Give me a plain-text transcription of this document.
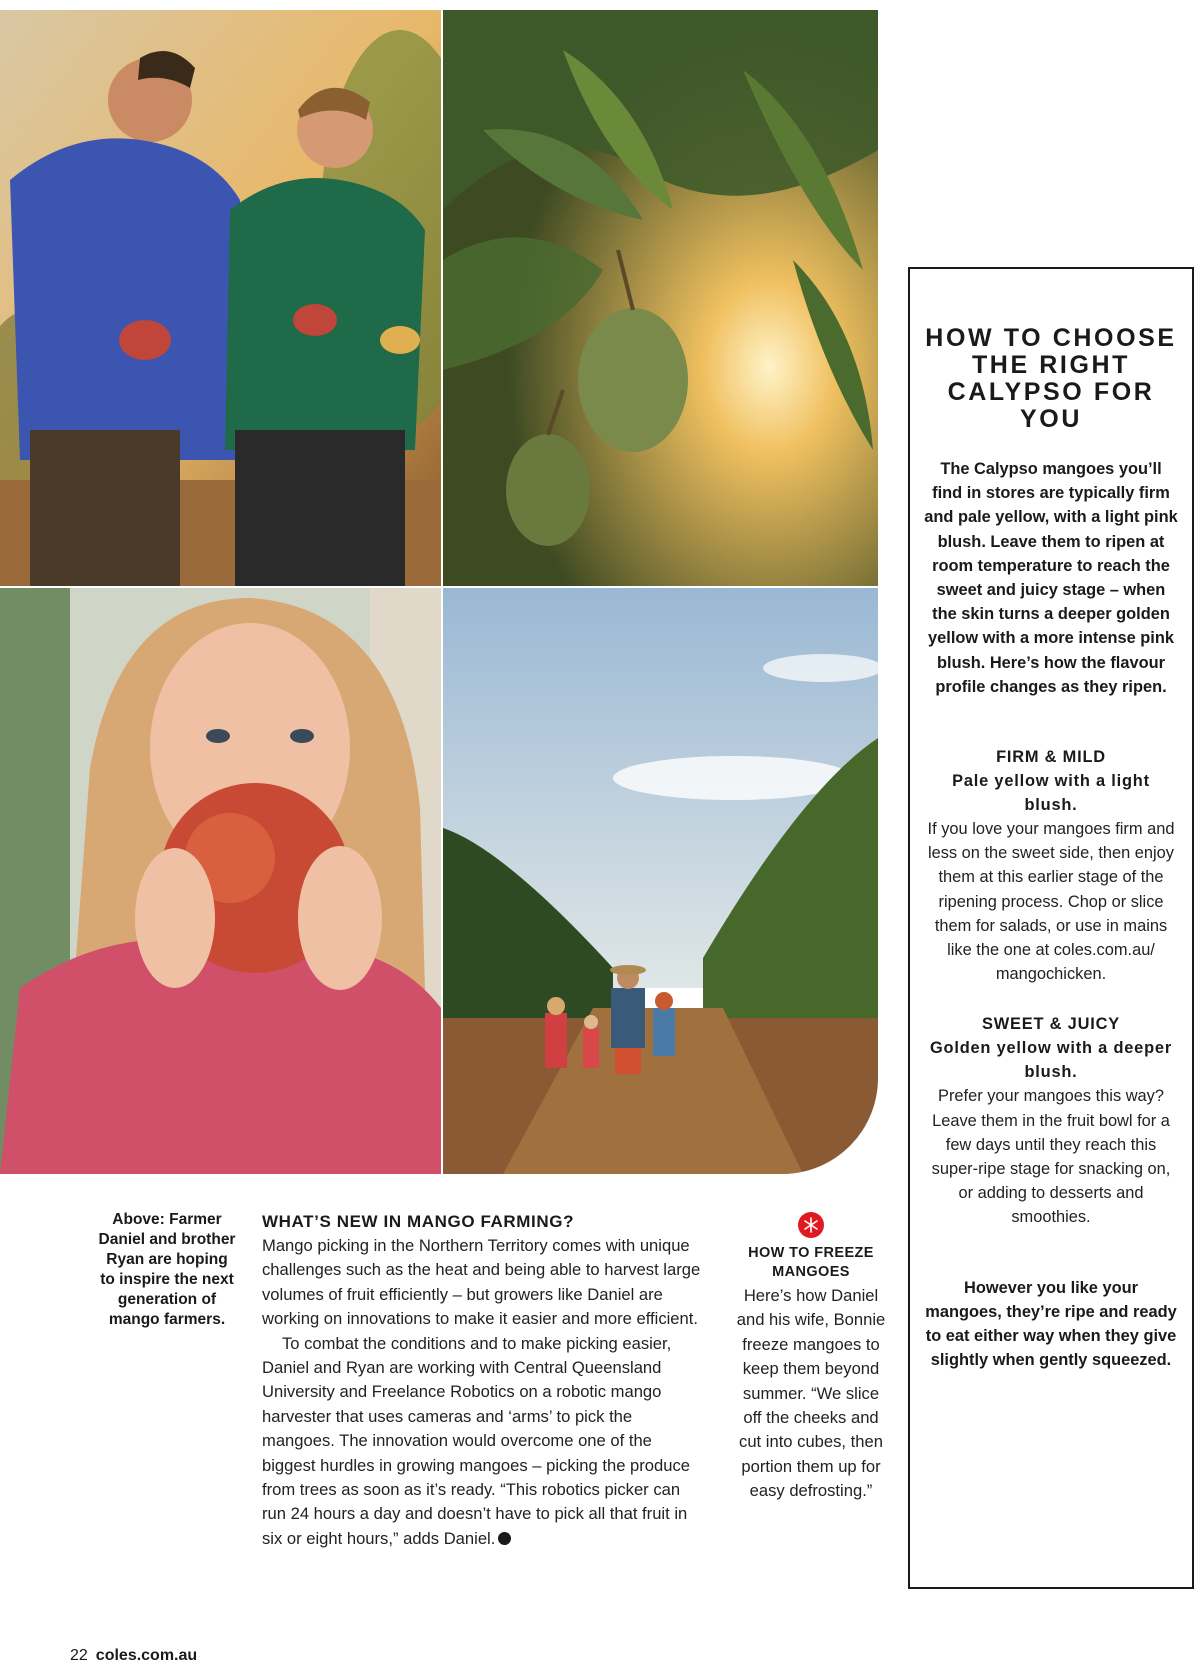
Above: Farmer Daniel and brother Ryan are hoping to inspire the next generation of mango farmers.
WHAT’S NEW IN MANGO FARMING?

Mango picking in the Northern Territory comes with unique challenges such as the heat and being able to harvest large volumes of fruit efficiently – but growers like Daniel are working on innovations to make it easier and more efficient.

To combat the conditions and to make picking easier, Daniel and Ryan are working with Central Queensland University and Freelance Robotics on a robotic mango harvester that uses cameras and ‘arms’ to pick the mangoes. The innovation would overcome one of the biggest hurdles in growing mangoes – picking the produce from trees as soon as it’s ready. “This robotics picker can run 24 hours a day and doesn’t have to pick all that fruit in six or eight hours,” adds Daniel.

HOW TO FREEZE MANGOES

Here’s how Daniel and his wife, Bonnie freeze mangoes to keep them beyond summer. “We slice off the cheeks and cut into cubes, then portion them up for easy defrosting.”

HOW TO CHOOSE THE RIGHT CALYPSO FOR YOU

The Calypso mangoes you’ll find in stores are typically firm and pale yellow, with a light pink blush. Leave them to ripen at room temperature to reach the sweet and juicy stage – when the skin turns a deeper golden yellow with a more intense pink blush. Here’s how the flavour profile changes as they ripen.

FIRM & MILD

Pale yellow with a light blush.

If you love your mangoes firm and less on the sweet side, then enjoy them at this earlier stage of the ripening process. Chop or slice them for salads, or use in mains like the one at coles.com.au/ mangochicken.

SWEET & JUICY

Golden yellow with a deeper blush.

Prefer your mangoes this way? Leave them in the fruit bowl for a few days until they reach this super-ripe stage for snacking on, or adding to desserts and smoothies.

However you like your mangoes, they’re ripe and ready to eat either way when they give slightly when gently squeezed.

22 coles.com.au
